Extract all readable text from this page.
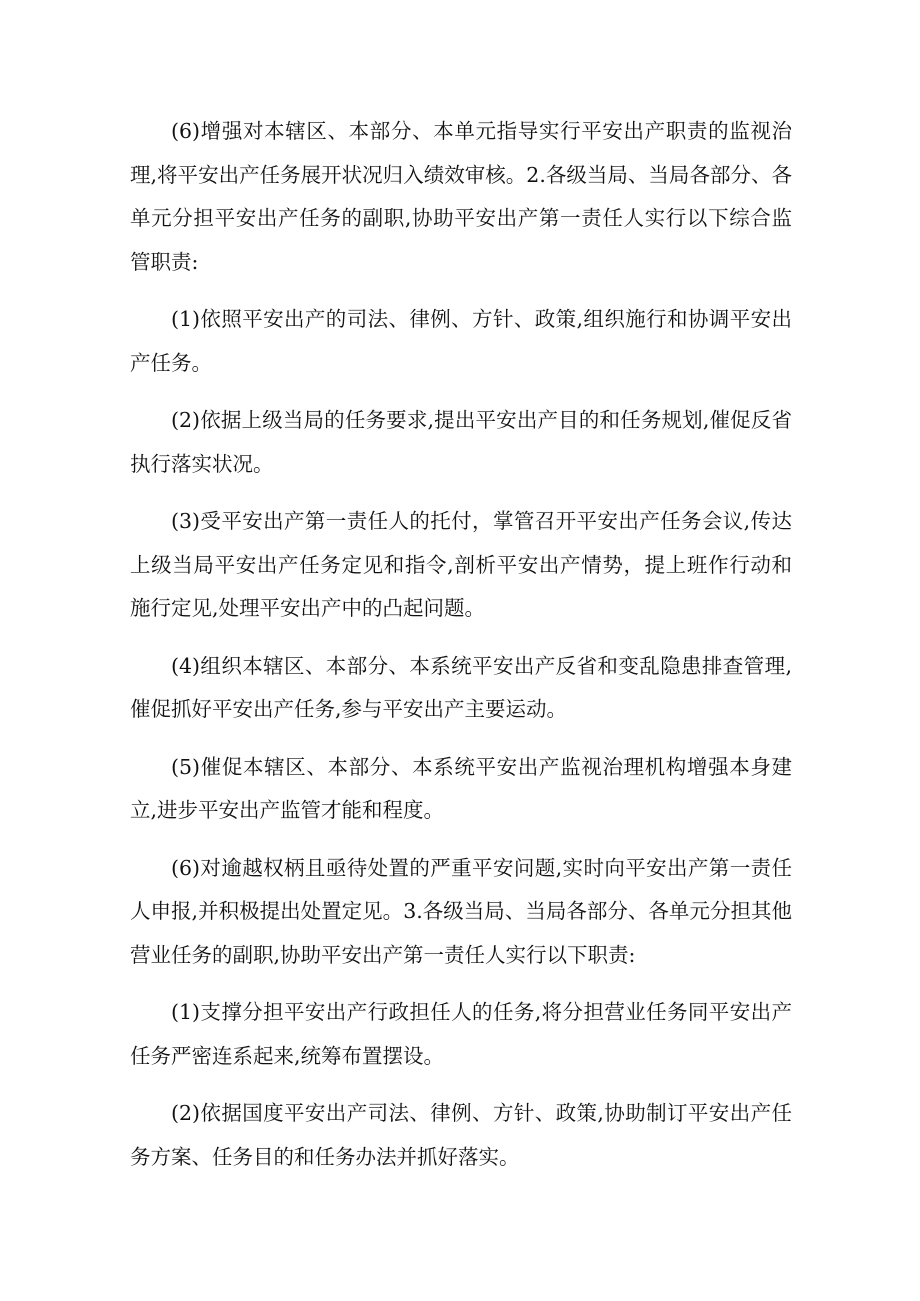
(6)增强对本辖区、本部分、本单元指导实行平安出产职责的监视治理,将平安出产任务展开状况归入绩效审核。2.各级当局、当局各部分、各单元分担平安出产任务的副职,协助平安出产第一责任人实行以下综合监管职责:

(1)依照平安出产的司法、律例、方针、政策,组织施行和协调平安出产任务。

(2)依据上级当局的任务要求,提出平安出产目的和任务规划,催促反省执行落实状况。

(3)受平安出产第一责任人的托付，掌管召开平安出产任务会议,传达上级当局平安出产任务定见和指令,剖析平安出产情势，提上班作行动和施行定见,处理平安出产中的凸起问题。

(4)组织本辖区、本部分、本系统平安出产反省和变乱隐患排查管理,催促抓好平安出产任务,参与平安出产主要运动。

(5)催促本辖区、本部分、本系统平安出产监视治理机构增强本身建立,进步平安出产监管才能和程度。

(6)对逾越权柄且亟待处置的严重平安问题,实时向平安出产第一责任人申报,并积极提出处置定见。3.各级当局、当局各部分、各单元分担其他营业任务的副职,协助平安出产第一责任人实行以下职责:

(1)支撑分担平安出产行政担任人的任务,将分担营业任务同平安出产任务严密连系起来,统筹布置摆设。

(2)依据国度平安出产司法、律例、方针、政策,协助制订平安出产任务方案、任务目的和任务办法并抓好落实。
